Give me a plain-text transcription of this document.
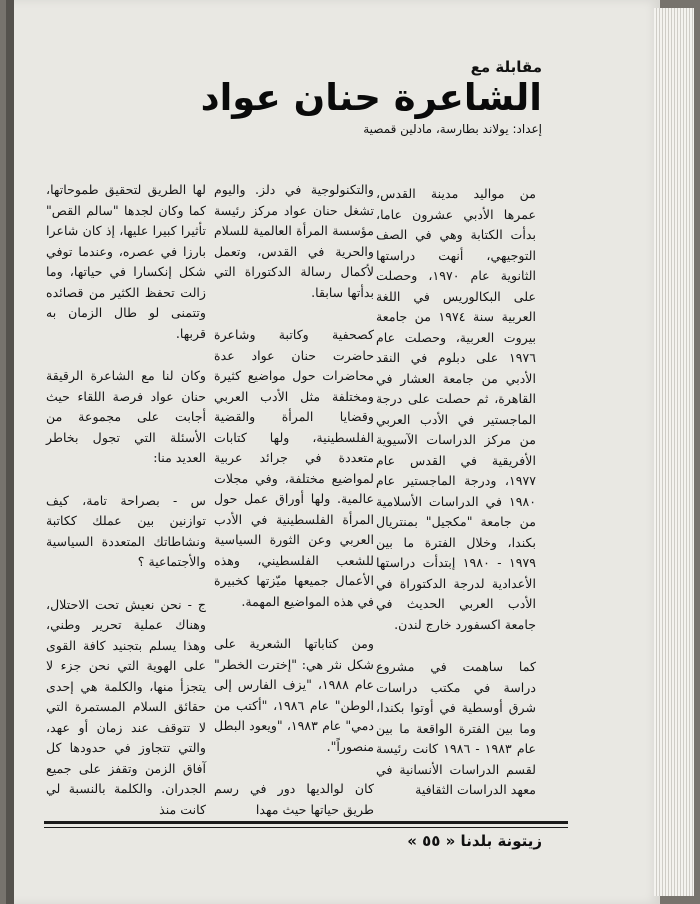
مقابلة مع
الشاعرة حنان عواد
إعداد: يولاند بطارسة، مادلين قمصية

من مواليد مدينة القدس، عمرها الأدبي عشرون عاما، بدأت الكتابة وهي في الصف التوجيهي، أنهت دراستها الثانوية عام ١٩٧٠، وحصلت على البكالوريس في اللغة العربية سنة ١٩٧٤ من جامعة بيروت العربية، وحصلت عام ١٩٧٦ على دبلوم في النقد الأدبي من جامعة العشار في القاهرة، ثم حصلت على درجة الماجستير في الأدب العربي من مركز الدراسات الآسيوية الأفريقية في القدس عام ١٩٧٧، ودرجة الماجستير عام ١٩٨٠ في الدراسات الأسلامية من جامعة "مكجيل" بمنتريال بكندا، وخلال الفترة ما بين ١٩٧٩ - ١٩٨٠ إبتدأت دراستها الأعدادية لدرجة الدكتوراة في الأدب العربي الحديث في جامعة اكسفورد خارج لندن.

كما ساهمت في مشروع دراسة في مكتب دراسات شرق أوسطية في أوتوا بكندا، وما بين الفترة الواقعة ما بين عام ١٩٨٣ - ١٩٨٦ كانت رئيسة لقسم الدراسات الأنسانية في معهد الدراسات الثقافية

والتكنولوجية في دلز. واليوم تشغل حنان عواد مركز رئيسة مؤسسة المرأة العالمية للسلام والحرية في القدس، وتعمل لأكمال رسالة الدكتوراة التي بدأتها سابقا.

كصحفية وكاتبة وشاعرة حاضرت حنان عواد عدة محاضرات حول مواضيع كثيرة ومختلفة مثل الأدب العربي وقضايا المرأة والقضية الفلسطينية، ولها كتابات متعددة في جرائد عربية لمواضيع مختلفة، وفي مجلات عالمية. ولها أوراق عمل حول المرأة الفلسطينية في الأدب العربي وعن الثورة السياسية للشعب الفلسطيني، وهذه الأعمال جميعها ميّزتها كخبيرة في هذه المواضيع المهمة.

ومن كتاباتها الشعرية على شكل نثر هي: "إخترت الخطر" عام ١٩٨٨، "يزف الفارس إلى الوطن" عام ١٩٨٦، "أكتب من دمي" عام ١٩٨٣، "ويعود البطل منصوراً".

كان لوالديها دور في رسم طريق حياتها حيث مهدا

لها الطريق لتحقيق طموحاتها، كما وكان لجدها "سالم القص" تأثيرا كبيرا عليها، إذ كان شاعرا بارزا في عصره، وعندما توفي شكل إنكسارا في حياتها، وما زالت تحفظ الكثير من قصائده وتتمنى لو طال الزمان به قربها.

وكان لنا مع الشاعرة الرقيقة حنان عواد فرصة اللقاء حيث أجابت على مجموعة من الأسئلة التي تجول بخاطر العديد منا:

س - بصراحة تامة، كيف توازنين بين عملك ككاتبة ونشاطاتك المتعددة السياسية والأجتماعية ؟

ج - نحن نعيش تحت الاحتلال، وهناك عملية تحرير وطني، وهذا يسلم بتجنيد كافة القوى على الهوية التي نحن جزء لا يتجزأ منها، والكلمة هي إحدى حقائق السلام المستمرة التي لا تتوقف عند زمان أو عهد، والتي تتجاوز في حدودها كل آفاق الزمن وتقفز على جميع الجدران. والكلمة بالنسبة لي كانت منذ

زيتونة بلدنا « ٥٥ »
